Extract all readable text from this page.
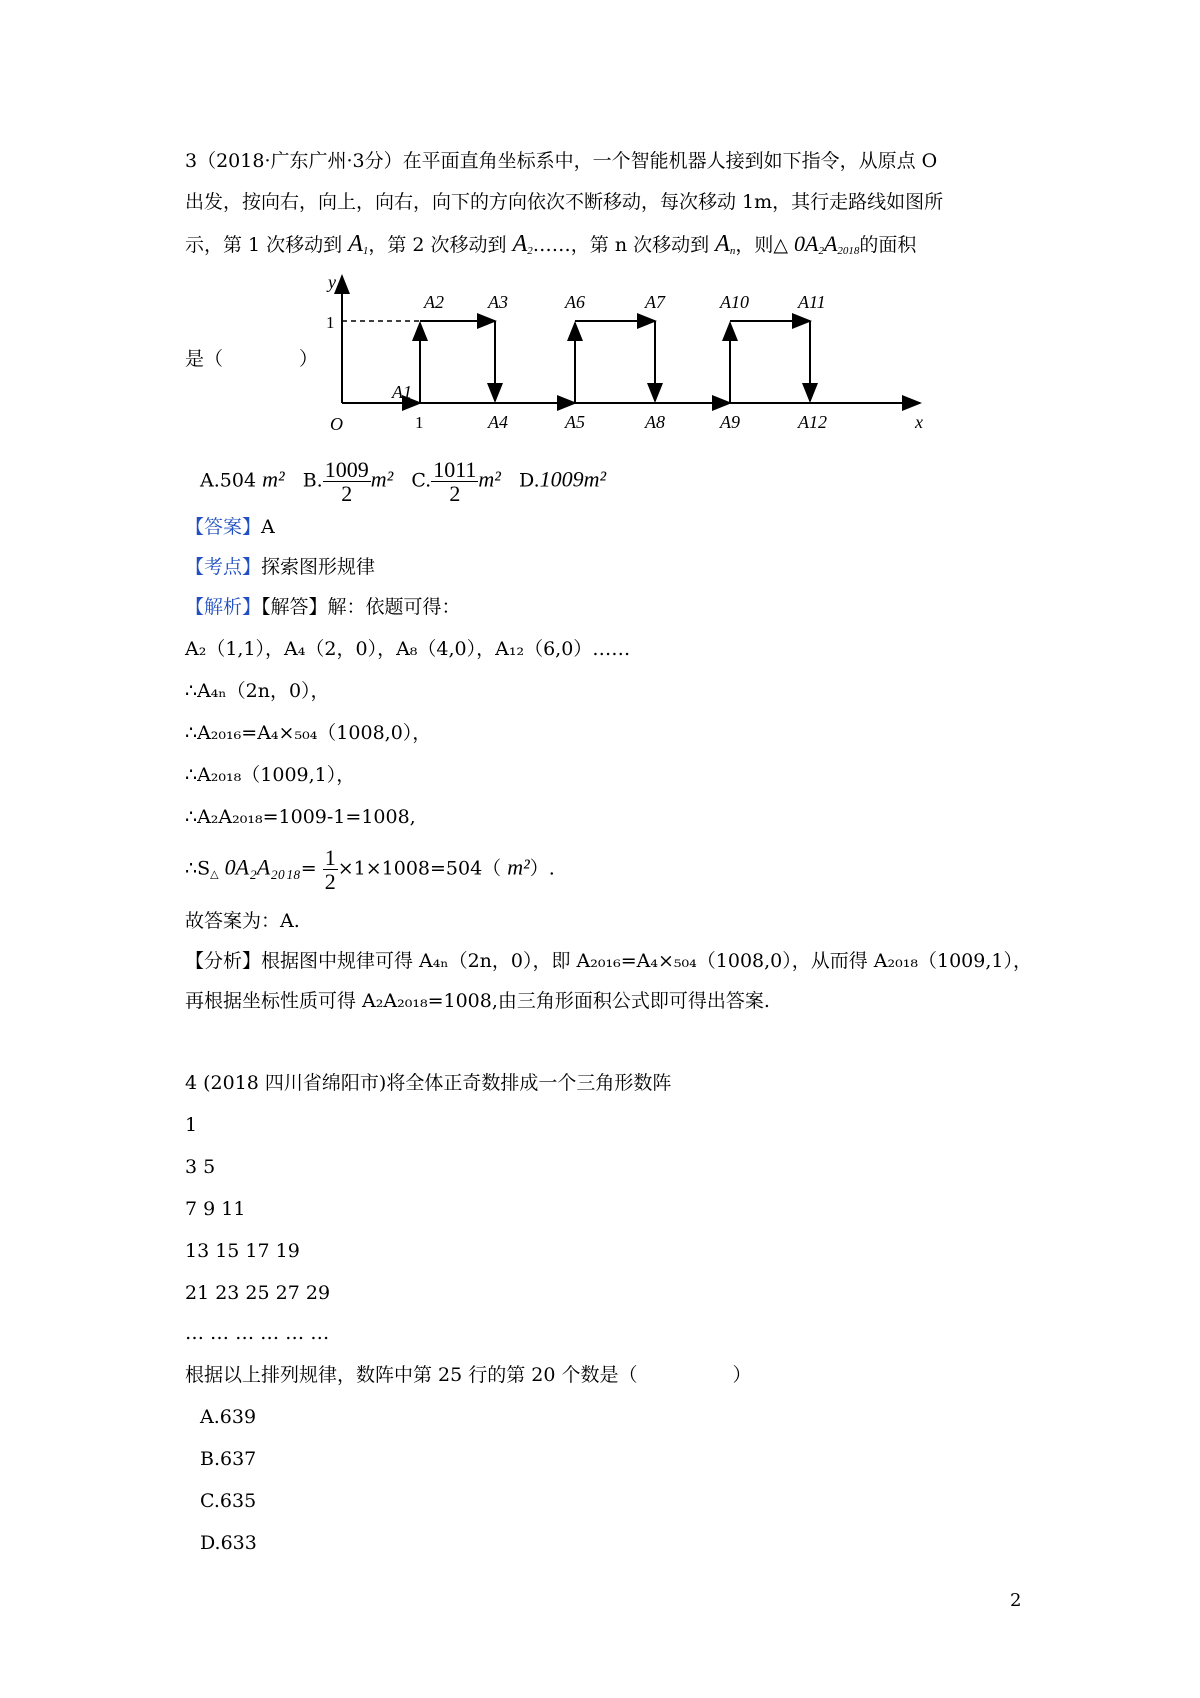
3（2018·广东广州·3分）在平面直角坐标系中，一个智能机器人接到如下指令，从原点 O
出发，按向右，向上，向右，向下的方向依次不断移动，每次移动 1m，其行走路线如图所
示，第 1 次移动到 $A_1$，第 2 次移动到 $A_2\dots\dots$，第 n 次移动到 $A_n$，则△ $0A_2A_{2018}$的面积
是（　　　　）
y
x
O
A1
A2 A3
A4	A5
A6	A7
A8	A9
A10	A11
A12
1
1
A.504 m² B. $\frac{1009}{2} m^2$ C. $\frac{1011}{2} m^2$ D.1009m²
【答案】A
【考点】探索图形规律
【解析】【解答】解：依题可得：
A₂（1,1），A₄（2，0），A₈（4,0），A₁₂（6,0）……
∴A₄ₙ（2n，0），
∴A₂₀₁₆=A₄×₅₀₄（1008,0），
∴A₂₀₁₈（1009,1），
∴A₂A₂₀₁₈=1009-1=1008,
$\therefore S_\triangle$ $0A_2A_{2018}= \frac{1}{2} \times 1\times 1008=504$（ m²）.
故答案为：A.
【分析】根据图中规律可得 A₄ₙ（2n，0），即 A₂₀₁₆=A₄×₅₀₄（1008,0），从而得 A₂₀₁₈（1009,1），
再根据坐标性质可得 A₂A₂₀₁₈=1008,由三角形面积公式即可得出答案.
4 (2018 四川省绵阳市)将全体正奇数排成一个三角形数阵
1
3 5
7 9 11
13 15 17 19
21 23 25 27 29
… … … … … …
根据以上排列规律，数阵中第 25 行的第 20 个数是（　　　　　）
A.639
B.637
C.635
D.633
2
